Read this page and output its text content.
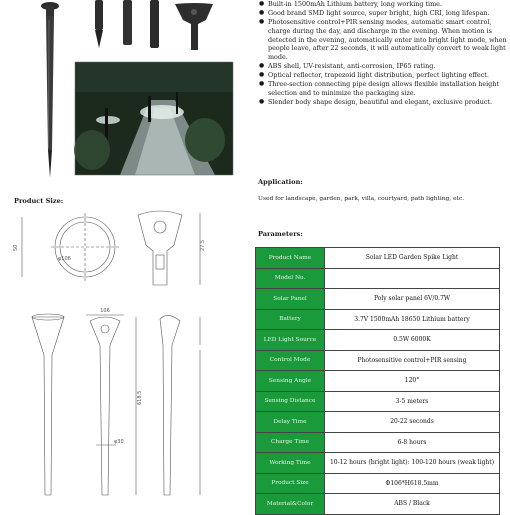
● Built-in 1500mAh Lithium battery, long working time.
● Good brand SMD light source, super bright, high CRI, long lifespan.
● Photosensitive control+PIR sensing modes, automatic smart control, charge during the day, and discharge in the evening. When motion is detected in the evening, automatically enter into bright light mode, when people leave, after 22 seconds, it will automatically convert to weak light mode.
● ABS shell, UV-resistant, anti-corrosion, IP65 rating.
● Optical reflector, trapezoid light distribution, perfect lighting effect.
● Three-section connecting pipe design allows flexible installation height selection and to minimize the packaging size.
● Slender body shape design, beautiful and elegant, exclusive product.
Application:
Used for landscape, garden, park, villa, courtyard, path lighting, etc.
Product Size:
106
618.5
φ106
φ30
50	27.5
Parameters:
Product Name	Solar LED Garden Spike Light
Model No.	
Solar Panel	Poly solar panel 6V/0.7W
Battery	3.7V 1500mAh 18650 Lithium battery
LED Light Source	0.5W 6000K
Control Mode	Photosensitive control+PIR sensing
Sensing Angle	120°
Sensing Distance	3-5 meters
Delay Time	20-22 seconds
Charge Time	6-8 hours
Working Time	10-12 hours (bright light): 100-120 hours (weak light)
Product Size	Φ106*H618.5mm
Material&Color	ABS / Black
